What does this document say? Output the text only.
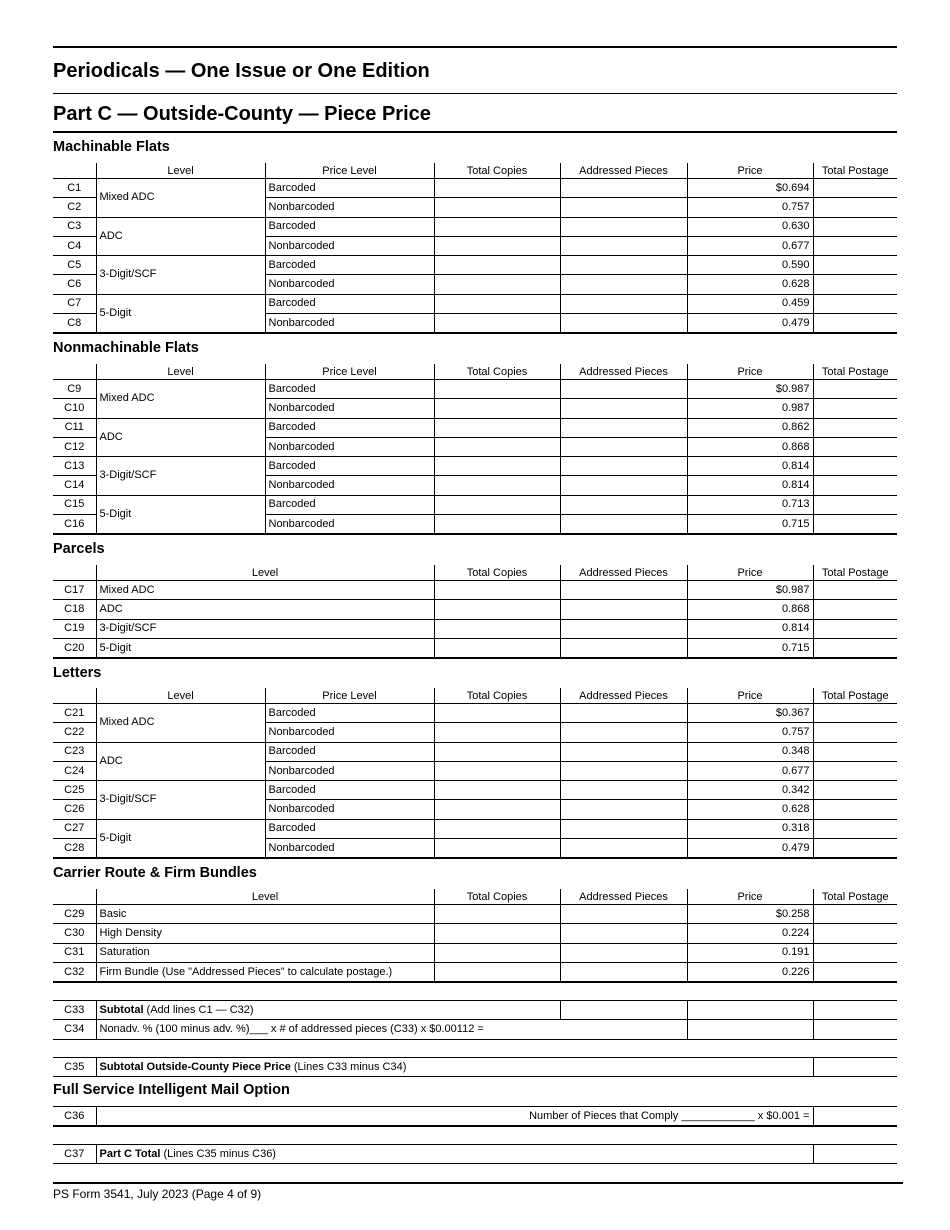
Periodicals — One Issue or One Edition
Part C — Outside-County — Piece Price
Machinable Flats
Nonmachinable Flats
Parcels
Letters
Carrier Route & Firm Bundles
	Level	Price Level	Total Copies	Addressed Pieces	Price	Total Postage
C1	Mixed ADC	Barcoded			$0.694	
C2		Nonbarcoded			0.757	
C3	ADC	Barcoded			0.630	
C4		Nonbarcoded			0.677	
C5	3-Digit/SCF	Barcoded			0.590	
C6		Nonbarcoded			0.628	
C7	5-Digit	Barcoded			0.459	
C8		Nonbarcoded			0.479	
	Level	Price Level	Total Copies	Addressed Pieces	Price	Total Postage
C9	Mixed ADC	Barcoded			$0.987	
C10		Nonbarcoded			0.987	
C11	ADC	Barcoded			0.862	
C12		Nonbarcoded			0.868	
C13	3-Digit/SCF	Barcoded			0.814	
C14		Nonbarcoded			0.814	
C15	5-Digit	Barcoded			0.713	
C16		Nonbarcoded			0.715	
	Level	Total Copies	Addressed Pieces	Price	Total Postage
C17	Mixed ADC			$0.987	
C18	ADC			0.868	
C19	3-Digit/SCF			0.814	
C20	5-Digit			0.715	
	Level	Price Level	Total Copies	Addressed Pieces	Price	Total Postage
C21	Mixed ADC	Barcoded			$0.367	
C22		Nonbarcoded			0.757	
C23	ADC	Barcoded			0.348	
C24		Nonbarcoded			0.677	
C25	3-Digit/SCF	Barcoded			0.342	
C26		Nonbarcoded			0.628	
C27	5-Digit	Barcoded			0.318	
C28		Nonbarcoded			0.479	
	Level	Total Copies	Addressed Pieces	Price	Total Postage
C29	Basic			$0.258	
C30	High Density			0.224	
C31	Saturation			0.191	
C32	Firm Bundle (Use "Addressed Pieces" to calculate postage.)			0.226	
C33	Subtotal (Add lines C1 — C32)			
C34	Nonadv. % (100 minus adv. %)___ x # of addressed pieces (C33) x $0.00112 =			
C35	Subtotal Outside-County Piece Price (Lines C33 minus C34)	
Full Service Intelligent Mail Option
C36	Number of Pieces that Comply ____________ x $0.001 =	
C37	Part C Total (Lines C35 minus C36)	
PS Form 3541, July 2023 (Page 4 of 9)
